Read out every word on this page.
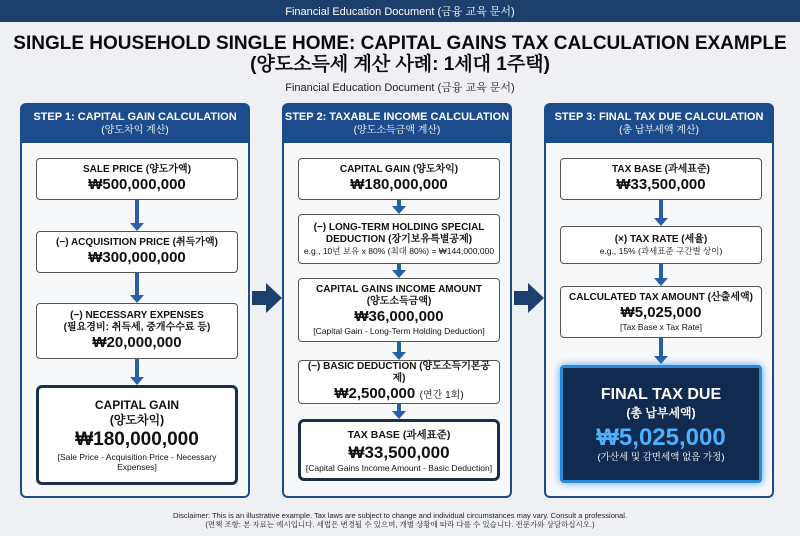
Financial Education Document (금융 교육 문서)
SINGLE HOUSEHOLD SINGLE HOME: CAPITAL GAINS TAX CALCULATION EXAMPLE
(양도소득세 계산 사례: 1세대 1주택)
Financial Education Document (금융 교육 문서)
STEP 1: CAPITAL GAIN CALCULATION
(양도차익 계산)
SALE PRICE (양도가액)
₩500,000,000
(−) ACQUISITION PRICE (취득가액)
₩300,000,000
(−) NECESSARY EXPENSES
(필요경비: 취득세, 중개수수료 등)
₩20,000,000
CAPITAL GAIN
(양도차익)
₩180,000,000
[Sale Price - Acquisition Price - Necessary Expenses]
STEP 2: TAXABLE INCOME CALCULATION
(양도소득금액 계산)
CAPITAL GAIN (양도차익)
₩180,000,000
(−) LONG-TERM HOLDING SPECIAL DEDUCTION (장기보유특별공제)
e.g., 10년 보유 x 80% (최대 80%) = ₩144,000,000
CAPITAL GAINS INCOME AMOUNT
(양도소득금액)
₩36,000,000
[Capital Gain - Long-Term Holding Deduction]
(−) BASIC DEDUCTION (양도소득기본공제)
₩2,500,000 (연간 1회)
TAX BASE (과세표준)
₩33,500,000
[Capital Gains Income Amount - Basic Deduction]
STEP 3: FINAL TAX DUE CALCULATION
(총 납부세액 계산)
TAX BASE (과세표준)
₩33,500,000
(×) TAX RATE (세율)
e.g., 15% (과세표준 구간별 상이)
CALCULATED TAX AMOUNT (산출세액)
₩5,025,000
[Tax Base x Tax Rate]
FINAL TAX DUE
(총 납부세액)
₩5,025,000
(가산세 및 감면세액 없음 가정)
Disclaimer: This is an illustrative example. Tax laws are subject to change and individual circumstances may vary. Consult a professional.
(면책 조항: 본 자료는 예시입니다. 세법은 변경될 수 있으며, 개별 상황에 따라 다를 수 있습니다. 전문가와 상담하십시오.)
